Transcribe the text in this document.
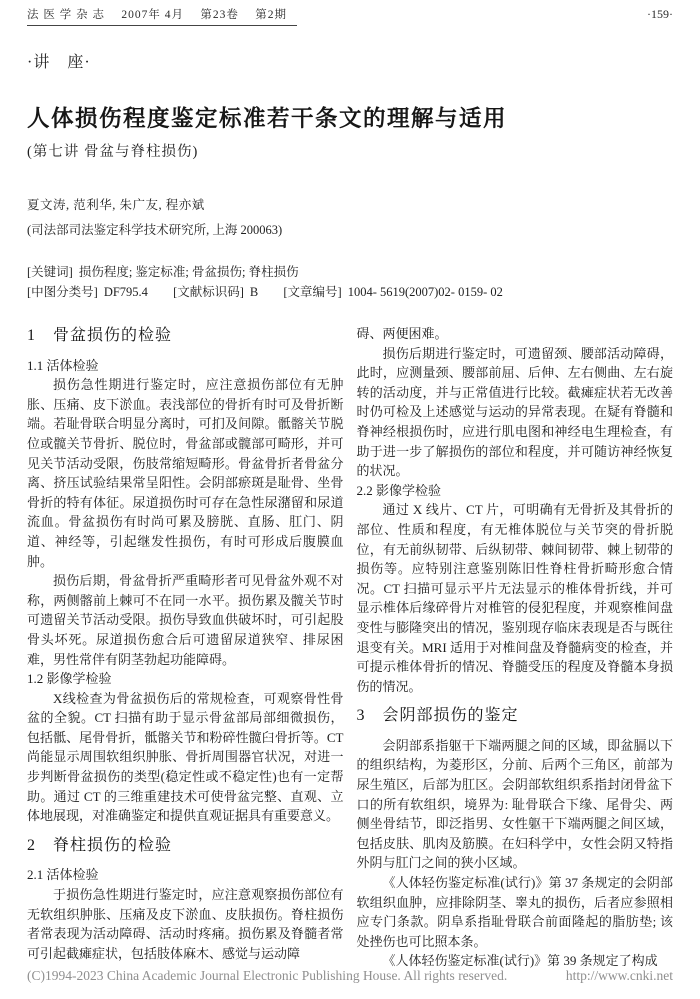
法 医 学 杂 志　 2007年 4月　 第23卷　 第2期	·159·
·讲　座·
人体损伤程度鉴定标准若干条文的理解与适用
(第七讲 骨盆与脊柱损伤)
夏文涛, 范利华, 朱广友, 程亦斌
(司法部司法鉴定科学技术研究所, 上海 200063)
[关键词] 损伤程度; 鉴定标准; 骨盆损伤; 脊柱损伤
[中图分类号] DF795.4 [文献标识码] B [文章编号] 1004- 5619(2007)02- 0159- 02
1　骨盆损伤的检验
1.1 活体检验

损伤急性期进行鉴定时，应注意损伤部位有无肿胀、压痛、皮下淤血。表浅部位的骨折有时可及骨折断端。若耻骨联合明显分离时，可扪及间隙。骶髂关节脱位或髋关节骨折、脱位时，骨盆部或髋部可畸形，并可见关节活动受限，伤肢常缩短畸形。骨盆骨折者骨盆分离、挤压试验结果常呈阳性。会阴部瘀斑是耻骨、坐骨骨折的特有体征。尿道损伤时可存在急性尿潴留和尿道流血。骨盆损伤有时尚可累及膀胱、直肠、肛门、阴道、神经等，引起继发性损伤，有时可形成后腹膜血肿。

损伤后期，骨盆骨折严重畸形者可见骨盆外观不对称，两侧髂前上棘可不在同一水平。损伤累及髋关节时可遗留关节活动受限。损伤导致血供破坏时，可引起股骨头坏死。尿道损伤愈合后可遗留尿道狭窄、排尿困难，男性常伴有阴茎勃起功能障碍。

1.2 影像学检验

X线检查为骨盆损伤后的常规检查，可观察骨性骨盆的全貌。CT 扫描有助于显示骨盆部局部细微损伤，包括骶、尾骨骨折，骶髂关节和粉碎性髋臼骨折等。CT 尚能显示周围软组织肿胀、骨折周围器官状况，对进一步判断骨盆损伤的类型(稳定性或不稳定性)也有一定帮助。通过 CT 的三维重建技术可使骨盆完整、直观、立体地展现，对准确鉴定和提供直观证据具有重要意义。

2　脊柱损伤的检验
2.1 活体检验

于损伤急性期进行鉴定时，应注意观察损伤部位有无软组织肿胀、压痛及皮下淤血、皮肤损伤。脊柱损伤者常表现为活动障碍、活动时疼痛。损伤累及脊髓者常可引起截瘫症状，包括肢体麻木、感觉与运动障

碍、两便困难。

损伤后期进行鉴定时，可遗留颈、腰部活动障碍，此时，应测量颈、腰部前屈、后伸、左右侧曲、左右旋转的活动度，并与正常值进行比较。截瘫症状若无改善时仍可检及上述感觉与运动的异常表现。在疑有脊髓和脊神经根损伤时，应进行肌电图和神经电生理检查，有助于进一步了解损伤的部位和程度，并可随访神经恢复的状况。

2.2 影像学检验

通过 X 线片、CT 片，可明确有无骨折及其骨折的部位、性质和程度，有无椎体脱位与关节突的骨折脱位，有无前纵韧带、后纵韧带、棘间韧带、棘上韧带的损伤等。应特别注意鉴别陈旧性脊柱骨折畸形愈合情况。CT 扫描可显示平片无法显示的椎体骨折线，并可显示椎体后缘碎骨片对椎管的侵犯程度，并观察椎间盘变性与膨隆突出的情况，鉴别现存临床表现是否与既往退变有关。MRI 适用于对椎间盘及脊髓病变的检查，并可提示椎体骨折的情况、脊髓受压的程度及脊髓本身损伤的情况。

3　会阴部损伤的鉴定

会阴部系指躯干下端两腿之间的区域，即盆膈以下的组织结构，为菱形区，分前、后两个三角区，前部为尿生殖区，后部为肛区。会阴部软组织系指封闭骨盆下口的所有软组织，境界为: 耻骨联合下缘、尾骨尖、两侧坐骨结节，即泛指男、女性躯干下端两腿之间区域，包括皮肤、肌肉及筋膜。在妇科学中，女性会阴又特指外阴与肛门之间的狭小区域。

《人体轻伤鉴定标准(试行)》第 37 条规定的会阴部软组织血肿，应排除阴茎、睾丸的损伤，后者应参照相应专门条款。阴阜系指耻骨联合前面隆起的脂肪垫; 该处挫伤也可比照本条。

《人体轻伤鉴定标准(试行)》第 39 条规定了构成

(C)1994-2023 China Academic Journal Electronic Publishing House. All rights reserved.	http://www.cnki.net
